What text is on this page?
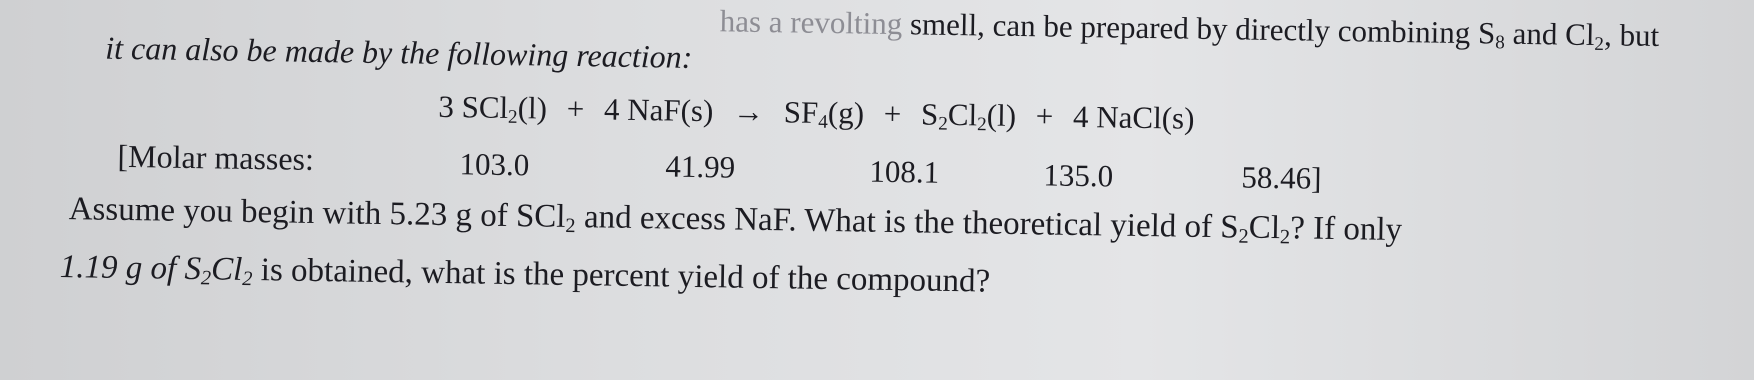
has a revolting smell, can be prepared by directly combining $S_8$ and $Cl_2$, but
it can also be made by the following reaction:
3 SCl$_2$(l) + 4 $NaF(s) \to SF_4(g) + S_2Cl_2(l) + 4$ NaCl(s)
[Molar masses:	103.0	41.99	108.1	135.0	58.46]
Assume you begin with 5.23 g of SCl$_2$ and excess NaF. What is the theoretical yield of $S_2Cl_2$? If only
1.19 g of $S_2Cl_2$ is obtained, what is the percent yield of the compound?
